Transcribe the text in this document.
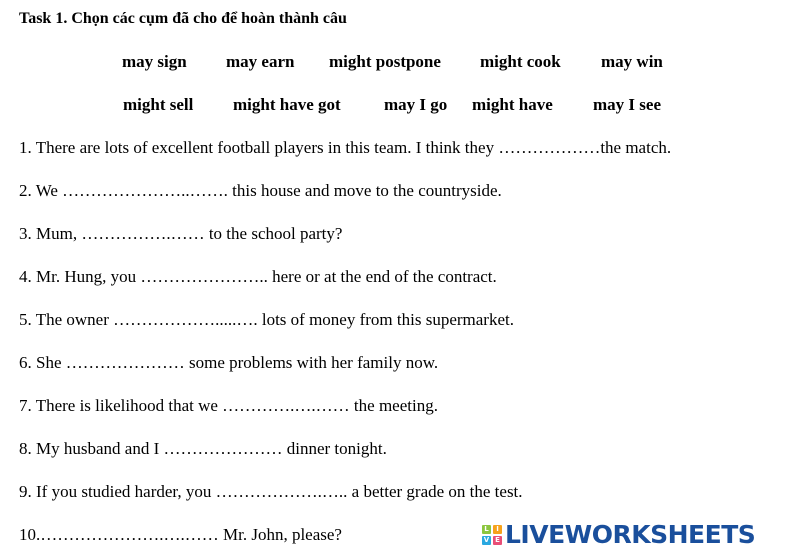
Task 1. Chọn các cụm đã cho để hoàn thành câu
may sign may earn might postpone might cook may win
might sell might have got	may I go might have may I see
1. There are lots of excellent football players in this team. I think they ………………the match.
2. We …………………..……. this house and move to the countryside.
3. Mum, …………….…… to the school party?
4. Mr. Hung, you ………………….. here or at the end of the contract.
5. The owner ……………….....…. lots of money from this supermarket.
6. She ………………… some problems with her family now.
7. There is likelihood that we ………….….…… the meeting.
8. My husband and I ………………… dinner tonight.
9. If you studied harder, you ……………….….. a better grade on the test.
10.………………….….…… Mr. John, please?	L	I
V E LIVEWORKSHEETS
